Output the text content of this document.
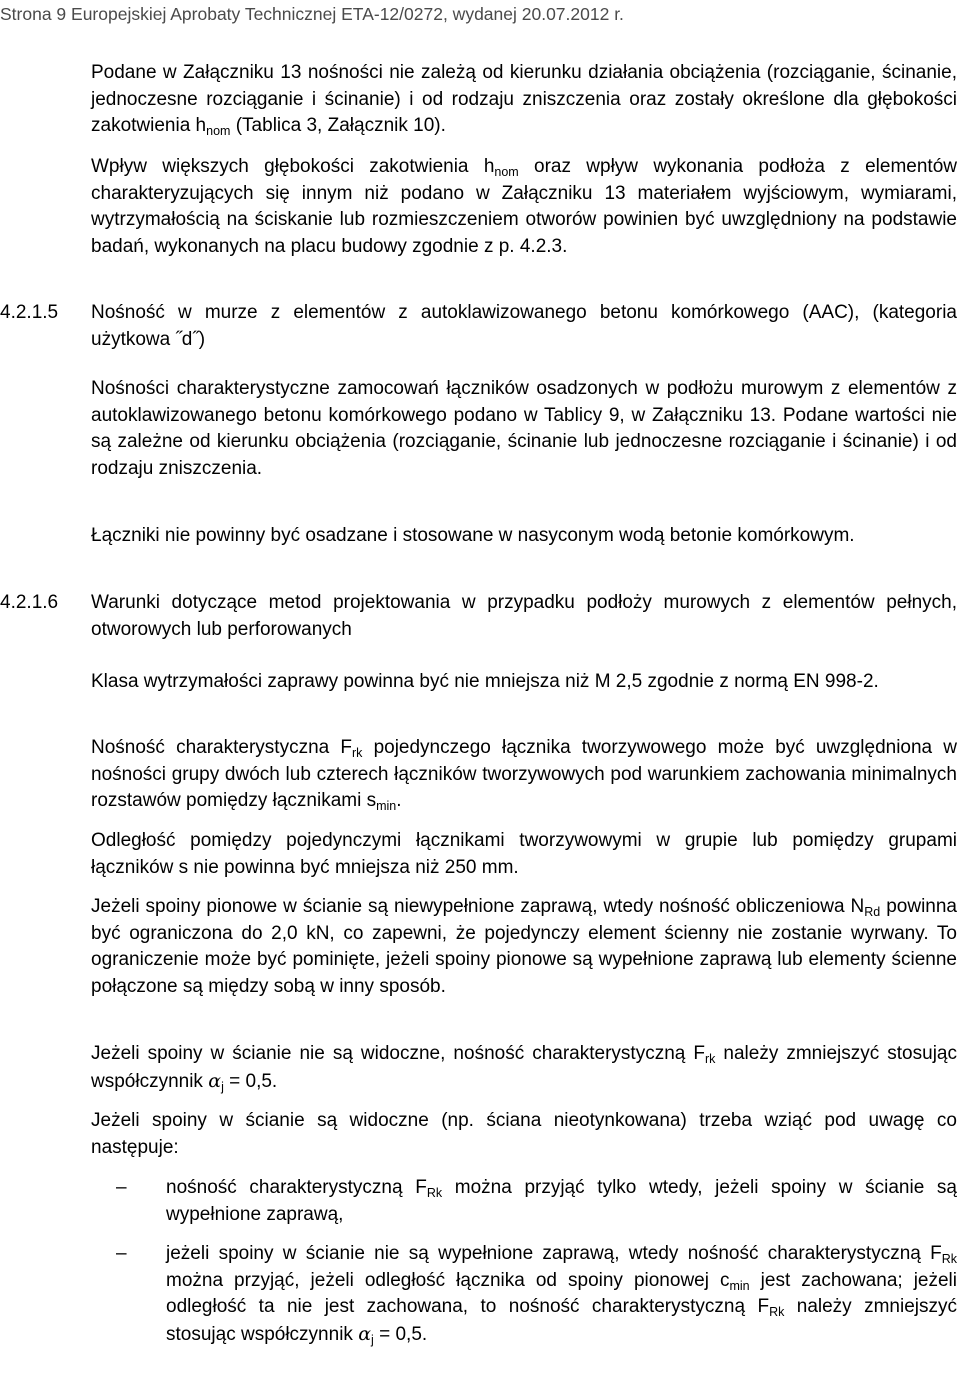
Strona 9 Europejskiej Aprobaty Technicznej ETA-12/0272, wydanej 20.07.2012 r.

Podane w Załączniku 13 nośności nie zależą od kierunku działania obciążenia (rozciąganie, ścinanie, jednoczesne rozciąganie i ścinanie) i od rodzaju zniszczenia oraz zostały określone dla głębokości zakotwienia $h_{nom}$ (Tablica 3, Załącznik 10).

Wpływ większych głębokości zakotwienia $h_{nom}$ oraz wpływ wykonania podłoża z elementów charakteryzujących się innym niż podano w Załączniku 13 materiałem wyjściowym, wymiarami, wytrzymałością na ściskanie lub rozmieszczeniem otworów powinien być uwzględniony na podstawie badań, wykonanych na placu budowy zgodnie z p. 4.2.3.

4.2.1.5 Nośność w murze z elementów z autoklawizowanego betonu komórkowego (AAC), (kategoria użytkowa ˝d˝)

Nośności charakterystyczne zamocowań łączników osadzonych w podłożu murowym z elementów z autoklawizowanego betonu komórkowego podano w Tablicy 9, w Załączniku 13. Podane wartości nie są zależne od kierunku obciążenia (rozciąganie, ścinanie lub jednoczesne rozciąganie i ścinanie) i od rodzaju zniszczenia.

Łączniki nie powinny być osadzane i stosowane w nasyconym wodą betonie komórkowym.

4.2.1.6 Warunki dotyczące metod projektowania w przypadku podłoży murowych z elementów pełnych, otworowych lub perforowanych

Klasa wytrzymałości zaprawy powinna być nie mniejsza niż M 2,5 zgodnie z normą EN 998-2.

Nośność charakterystyczna $F_{rk}$ pojedynczego łącznika tworzywowego może być uwzględniona w nośności grupy dwóch lub czterech łączników tworzywowych pod warunkiem zachowania minimalnych rozstawów pomiędzy łącznikami $s_{min}$.

Odległość pomiędzy pojedynczymi łącznikami tworzywowymi w grupie lub pomiędzy grupami łączników s nie powinna być mniejsza niż 250 mm.

Jeżeli spoiny pionowe w ścianie są niewypełnione zaprawą, wtedy nośność obliczeniowa $N_{Rd}$ powinna być ograniczona do 2,0 kN, co zapewni, że pojedynczy element ścienny nie zostanie wyrwany. To ograniczenie może być pominięte, jeżeli spoiny pionowe są wypełnione zaprawą lub elementy ścienne połączone są między sobą w inny sposób.

Jeżeli spoiny w ścianie nie są widoczne, nośność charakterystyczną $F_{rk}$ należy zmniejszyć stosując współczynnik $\alpha_j = 0,5$.

Jeżeli spoiny w ścianie są widoczne (np. ściana nieotynkowana) trzeba wziąć pod uwagę co następuje:

– nośność charakterystyczną $F_{Rk}$ można przyjąć tylko wtedy, jeżeli spoiny w ścianie są wypełnione zaprawą,

– jeżeli spoiny w ścianie nie są wypełnione zaprawą, wtedy nośność charakterystyczną $F_{Rk}$ można przyjąć, jeżeli odległość łącznika od spoiny pionowej $c_{min}$ jest zachowana; jeżeli odległość ta nie jest zachowana, to nośność charakterystyczną $F_{Rk}$ należy zmniejszyć stosując współczynnik $\alpha_j = 0,5$.
